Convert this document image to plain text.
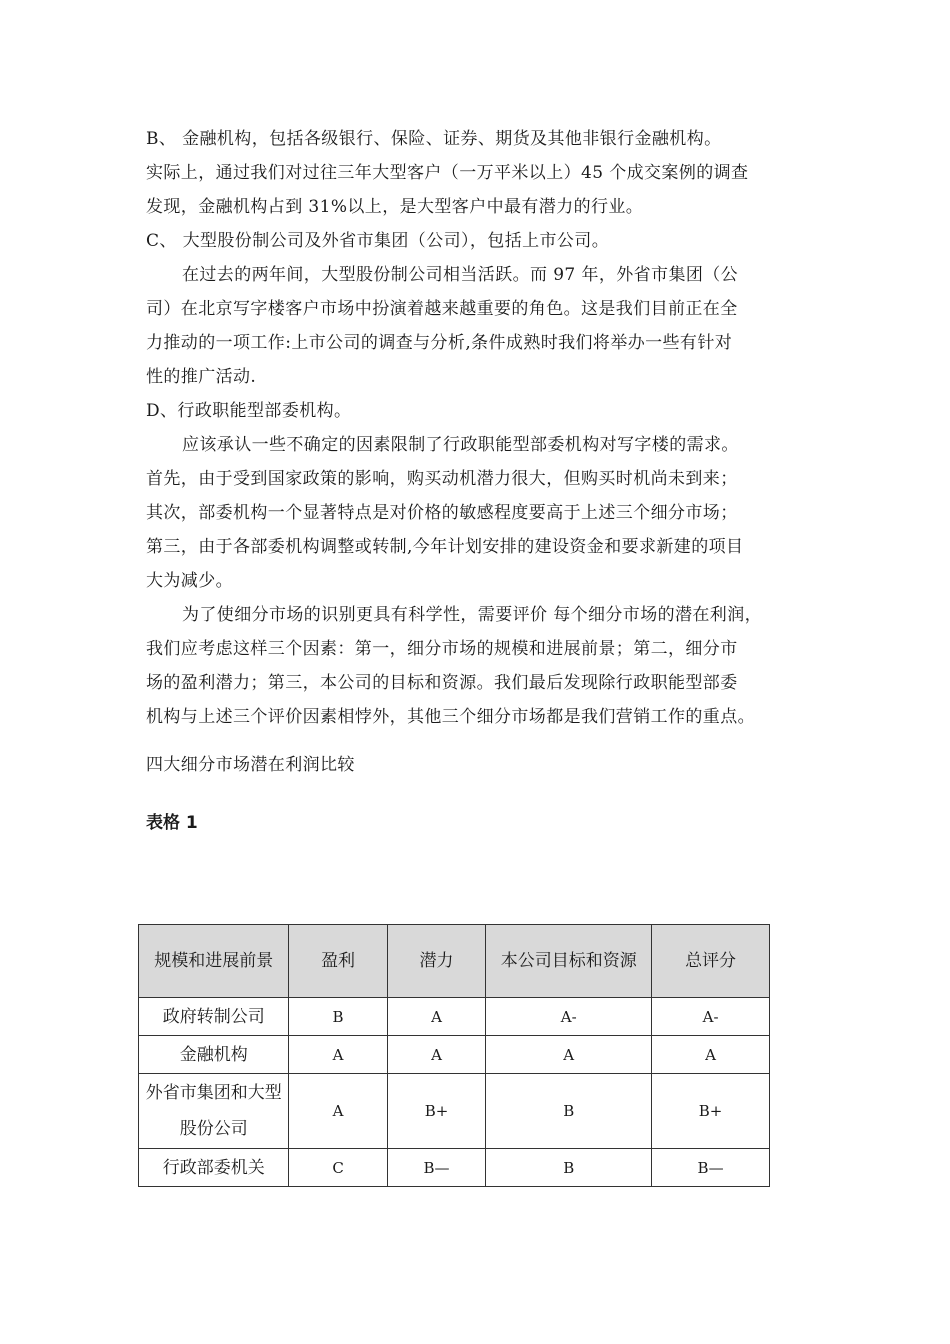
B、 金融机构，包括各级银行、保险、证券、期货及其他非银行金融机构。
实际上，通过我们对过往三年大型客户（一万平米以上）45 个成交案例的调查
发现，金融机构占到 31%以上，是大型客户中最有潜力的行业。
C、 大型股份制公司及外省市集团（公司），包括上市公司。
在过去的两年间，大型股份制公司相当活跃。而 97 年，外省市集团（公
司）在北京写字楼客户市场中扮演着越来越重要的角色。这是我们目前正在全
力推动的一项工作:上市公司的调查与分析,条件成熟时我们将举办一些有针对
性的推广活动.
D、行政职能型部委机构。
应该承认一些不确定的因素限制了行政职能型部委机构对写字楼的需求。
首先，由于受到国家政策的影响，购买动机潜力很大，但购买时机尚未到来；
其次，部委机构一个显著特点是对价格的敏感程度要高于上述三个细分市场；
第三，由于各部委机构调整或转制,今年计划安排的建设资金和要求新建的项目
大为减少。
为了使细分市场的识别更具有科学性，需要评价 每个细分市场的潜在利润，
我们应考虑这样三个因素：第一，细分市场的规模和进展前景；第二，细分市
场的盈利潜力；第三，本公司的目标和资源。我们最后发现除行政职能型部委
机构与上述三个评价因素相悖外，其他三个细分市场都是我们营销工作的重点。
四大细分市场潜在利润比较
表格 1
规模和进展前景	盈利	潜力	本公司目标和资源	总评分
政府转制公司	B	A	A-	A-
金融机构	A	A	A	A
外省市集团和大型股份公司	A	B+	B	B+
行政部委机关	C	B—	B	B—
